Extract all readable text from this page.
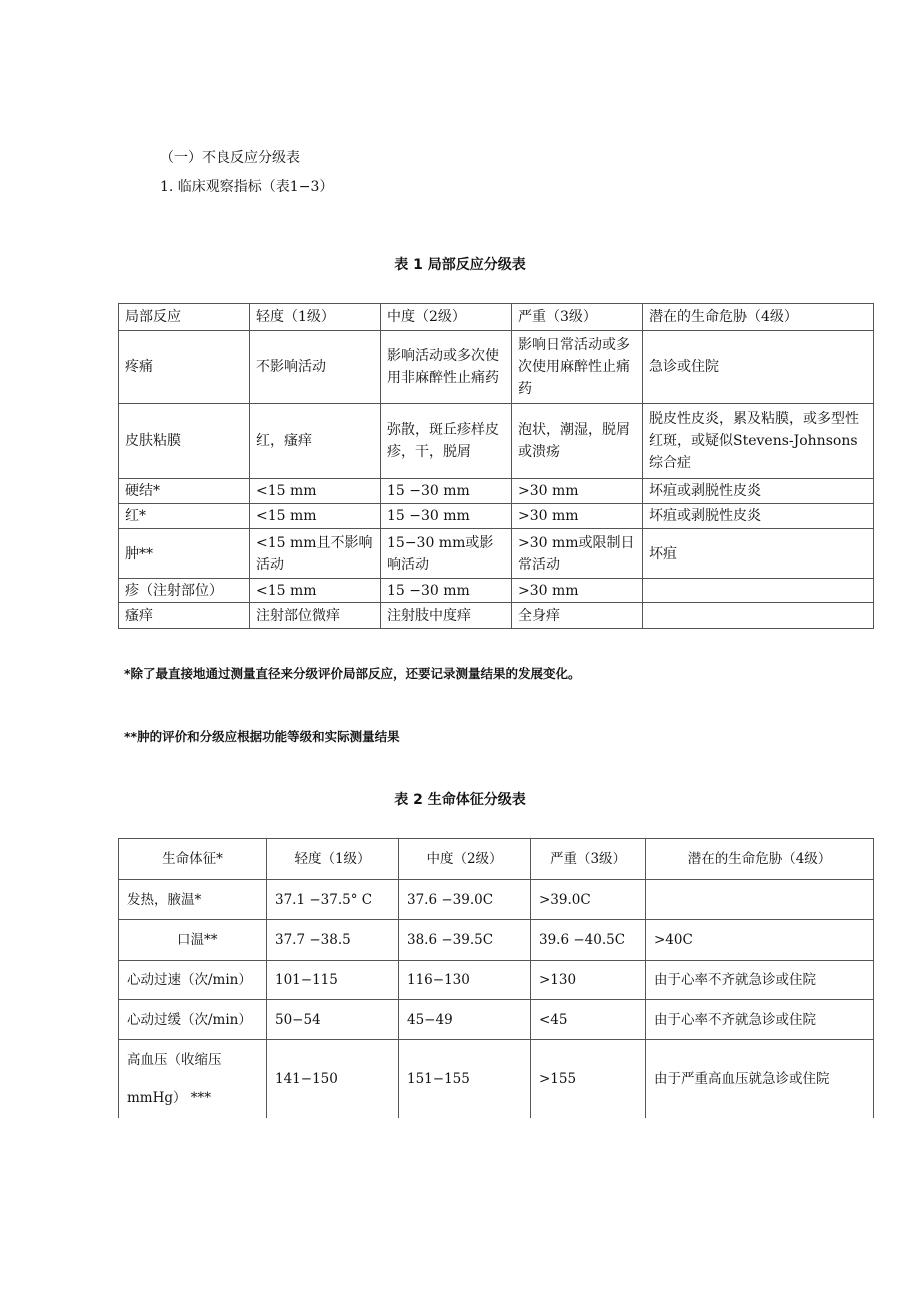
（一）不良反应分级表
1. 临床观察指标（表1−3）
表 1 局部反应分级表
局部反应	轻度（1级）	中度（2级）	严重（3级）	潜在的生命危胁（4级）
疼痛	不影响活动	影响活动或多次使用非麻醉性止痛药	影响日常活动或多次使用麻醉性止痛药	急诊或住院
皮肤粘膜	红，瘙痒	弥散，斑丘疹样皮疹，干，脱屑	泡状，潮湿，脱屑或溃疡	脱皮性皮炎，累及粘膜，或多型性红斑，或疑似Stevens-Johnsons综合症
硬结*	<15 mm	15 −30 mm	>30 mm	坏疽或剥脱性皮炎
红*	<15 mm	15 −30 mm	>30 mm	坏疽或剥脱性皮炎
肿**	<15 mm且不影响活动	15−30 mm或影响活动	>30 mm或限制日常活动	坏疽
疹（注射部位）	<15 mm	15 −30 mm	>30 mm	
瘙痒	注射部位微痒	注射肢中度痒	全身痒	
*除了最直接地通过测量直径来分级评价局部反应，还要记录测量结果的发展变化。
**肿的评价和分级应根据功能等级和实际测量结果
表 2 生命体征分级表
生命体征*	轻度（1级）	中度（2级）	严重（3级）	潜在的生命危胁（4级）
发热，腋温*	37.1 −37.5° C	37.6 −39.0C	>39.0C	
口温**	37.7 −38.5	38.6 −39.5C	39.6 −40.5C	>40C
心动过速（次/min）	101−115	116−130	>130	由于心率不齐就急诊或住院
心动过缓（次/min）	50−54	45−49	<45	由于心率不齐就急诊或住院
高血压（收缩压mmHg） ***	141−150	151−155	>155	由于严重高血压就急诊或住院
